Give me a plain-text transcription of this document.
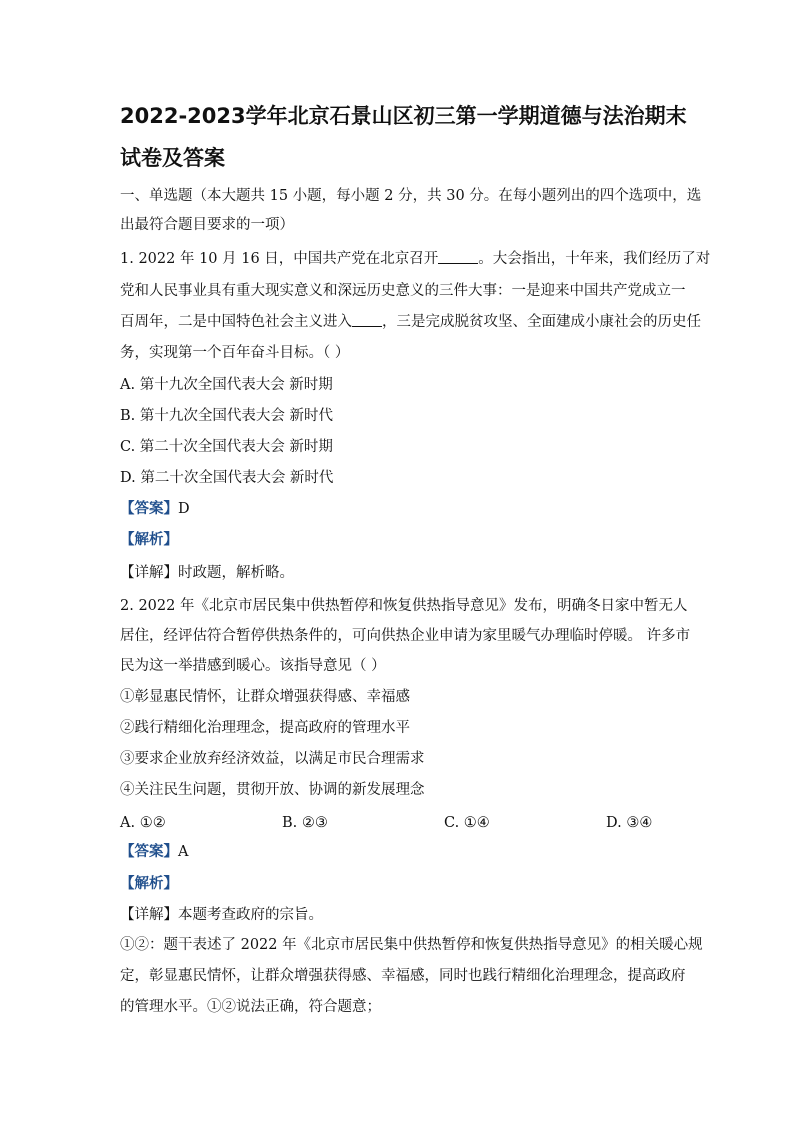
2022-2023学年北京石景山区初三第一学期道德与法治期末
试卷及答案
一、单选题（本大题共 15 小题，每小题 2 分，共 30 分。在每小题列出的四个选项中，选
出最符合题目要求的一项）
1. 2022 年 10 月 16 日，中国共产党在北京召开	。大会指出，十年来，我们经历了对
党和人民事业具有重大现实意义和深远历史意义的三件大事：一是迎来中国共产党成立一
百周年，二是中国特色社会主义进入 ，三是完成脱贫攻坚、全面建成小康社会的历史任
务，实现第一个百年奋斗目标。（ ）
A. 第十九次全国代表大会 新时期
B. 第十九次全国代表大会 新时代
C. 第二十次全国代表大会 新时期
D. 第二十次全国代表大会 新时代
【答案】D
【解析】
【详解】时政题，解析略。
2. 2022 年《北京市居民集中供热暂停和恢复供热指导意见》发布，明确冬日家中暂无人
居住，经评估符合暂停供热条件的，可向供热企业申请为家里暖气办理临时停暖。 许多市
民为这一举措感到暖心。该指导意见（ ）
①彰显惠民情怀，让群众增强获得感、幸福感
②践行精细化治理理念，提高政府的管理水平
③要求企业放弃经济效益，以满足市民合理需求
④关注民生问题，贯彻开放、协调的新发展理念
A. ①②	B. ②③	C. ①④	D. ③④
【答案】A
【解析】
【详解】本题考查政府的宗旨。
①②：题干表述了 2022 年《北京市居民集中供热暂停和恢复供热指导意见》的相关暖心规
定，彰显惠民情怀，让群众增强获得感、幸福感，同时也践行精细化治理理念，提高政府
的管理水平。①②说法正确，符合题意；
